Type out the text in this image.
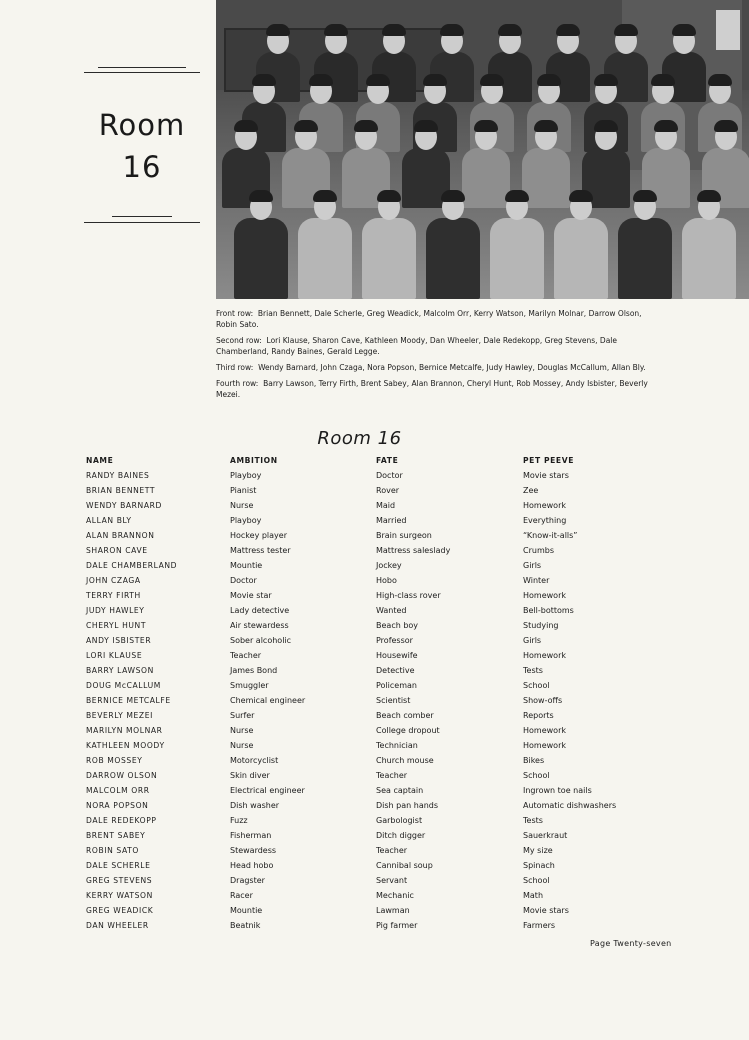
Room
16
Front row: Brian Bennett, Dale Scherle, Greg Weadick, Malcolm Orr, Kerry Watson, Marilyn Molnar, Darrow Olson, Robin Sato.
Second row: Lori Klause, Sharon Cave, Kathleen Moody, Dan Wheeler, Dale Redekopp, Greg Stevens, Dale Chamberland, Randy Baines, Gerald Legge.
Third row: Wendy Barnard, John Czaga, Nora Popson, Bernice Metcalfe, Judy Hawley, Douglas McCallum, Allan Bly.
Fourth row: Barry Lawson, Terry Firth, Brent Sabey, Alan Brannon, Cheryl Hunt, Rob Mossey, Andy Isbister, Beverly Mezei.
Room 16
NAME	AMBITION	FATE	PET PEEVE
RANDY BAINES	Playboy	Doctor	Movie stars
BRIAN BENNETT	Pianist	Rover	Zee
WENDY BARNARD	Nurse	Maid	Homework
ALLAN BLY	Playboy	Married	Everything
ALAN BRANNON	Hockey player	Brain surgeon	“Know-it-alls”
SHARON CAVE	Mattress tester	Mattress saleslady	Crumbs
DALE CHAMBERLAND	Mountie	Jockey	Girls
JOHN CZAGA	Doctor	Hobo	Winter
TERRY FIRTH	Movie star	High-class rover	Homework
JUDY HAWLEY	Lady detective	Wanted	Bell-bottoms
CHERYL HUNT	Air stewardess	Beach boy	Studying
ANDY ISBISTER	Sober alcoholic	Professor	Girls
LORI KLAUSE	Teacher	Housewife	Homework
BARRY LAWSON	James Bond	Detective	Tests
DOUG McCALLUM	Smuggler	Policeman	School
BERNICE METCALFE	Chemical engineer	Scientist	Show-offs
BEVERLY MEZEI	Surfer	Beach comber	Reports
MARILYN MOLNAR	Nurse	College dropout	Homework
KATHLEEN MOODY	Nurse	Technician	Homework
ROB MOSSEY	Motorcyclist	Church mouse	Bikes
DARROW OLSON	Skin diver	Teacher	School
MALCOLM ORR	Electrical engineer	Sea captain	Ingrown toe nails
NORA POPSON	Dish washer	Dish pan hands	Automatic dishwashers
DALE REDEKOPP	Fuzz	Garbologist	Tests
BRENT SABEY	Fisherman	Ditch digger	Sauerkraut
ROBIN SATO	Stewardess	Teacher	My size
DALE SCHERLE	Head hobo	Cannibal soup	Spinach
GREG STEVENS	Dragster	Servant	School
KERRY WATSON	Racer	Mechanic	Math
GREG WEADICK	Mountie	Lawman	Movie stars
DAN WHEELER	Beatnik	Pig farmer	Farmers
Page Twenty-seven
